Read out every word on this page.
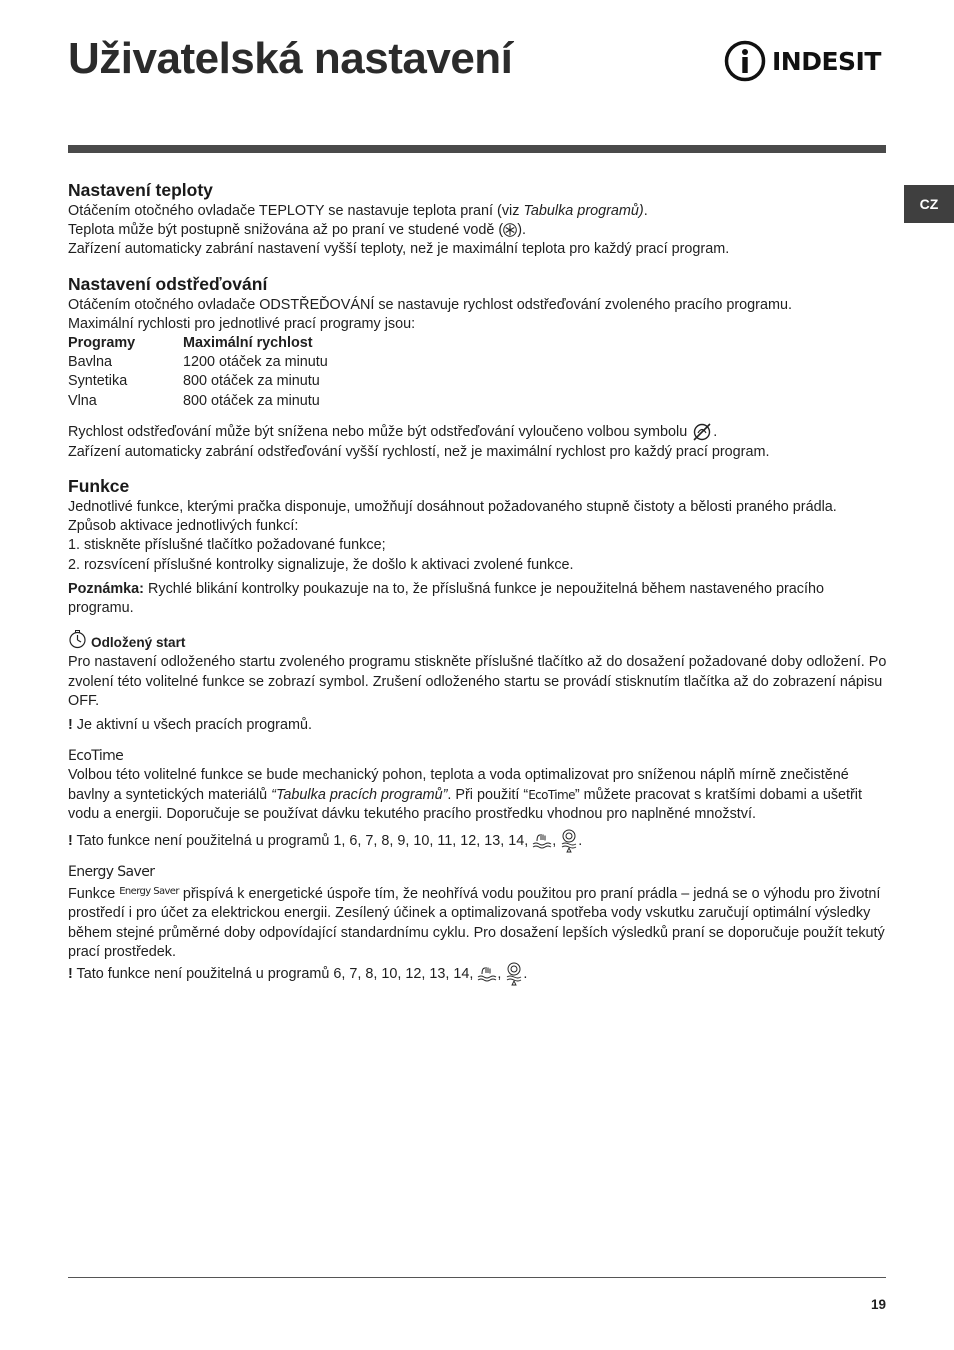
Uživatelská nastavení	INDESIT
CZ
Nastavení teploty

Otáčením otočného ovladače TEPLOTY se nastavuje teplota praní (viz Tabulka programů).

Teplota může být postupně snižována až po praní ve studené vodě ( ).

Zařízení automaticky zabrání nastavení vyšší teploty, než je maximální teplota pro každý prací program.

Nastavení odstřeďování

Otáčením otočného ovladače ODSTŘEĎOVÁNÍ se nastavuje rychlost odstřeďování zvoleného pracího programu.

Maximální rychlosti pro jednotlivé prací programy jsou:

Programy	Maximální rychlost
Bavlna	1200 otáček za minutu
Syntetika	800 otáček za minutu
Vlna	800 otáček za minutu

Rychlost odstřeďování může být snížena nebo může být odstřeďování vyloučeno volbou symbolu .

Zařízení automaticky zabrání odstřeďování vyšší rychlostí, než je maximální rychlost pro každý prací program.

Funkce

Jednotlivé funkce, kterými pračka disponuje, umožňují dosáhnout požadovaného stupně čistoty a bělosti praného prádla.

Způsob aktivace jednotlivých funkcí:

1. stiskněte příslušné tlačítko požadované funkce;

2. rozsvícení příslušné kontrolky signalizuje, že došlo k aktivaci zvolené funkce.

Poznámka: Rychlé blikání kontrolky poukazuje na to, že příslušná funkce je nepoužitelná během nastaveného pracího programu.

Odložený start

Pro nastavení odloženého startu zvoleného programu stiskněte příslušné tlačítko až do dosažení požadované doby odložení. Po zvolení této volitelné funkce se zobrazí symbol. Zrušení odloženého startu se provádí stisknutím tlačítka až do zobrazení nápisu OFF.

! Je aktivní u všech pracích programů.

EcoTime

Volbou této volitelné funkce se bude mechanický pohon, teplota a voda optimalizovat pro sníženou náplň mírně znečistěné bavlny a syntetických materiálů “Tabulka pracích programů”. Při použití “EcoTime” můžete pracovat s kratšími dobami a ušetřit vodu a energii. Doporučuje se používat dávku tekutého pracího prostředku vhodnou pro naplněné množství.

! Tato funkce není použitelná u programů 1, 6, 7, 8, 9, 10, 11, 12, 13, 14, , .

Energy Saver

Funkce $^{Energy Saver}$ přispívá k energetické úspoře tím, že neohřívá vodu použitou pro praní prádla – jedná se o výhodu pro životní prostředí i pro účet za elektrickou energii. Zesílený účinek a optimalizovaná spotřeba vody vskutku zaručují optimální výsledky během stejné průměrné doby odpovídající standardnímu cyklu. Pro dosažení lepších výsledků praní se doporučuje použít tekutý prací prostředek.

! Tato funkce není použitelná u programů 6, 7, 8, 10, 12, 13, 14, , .

19
